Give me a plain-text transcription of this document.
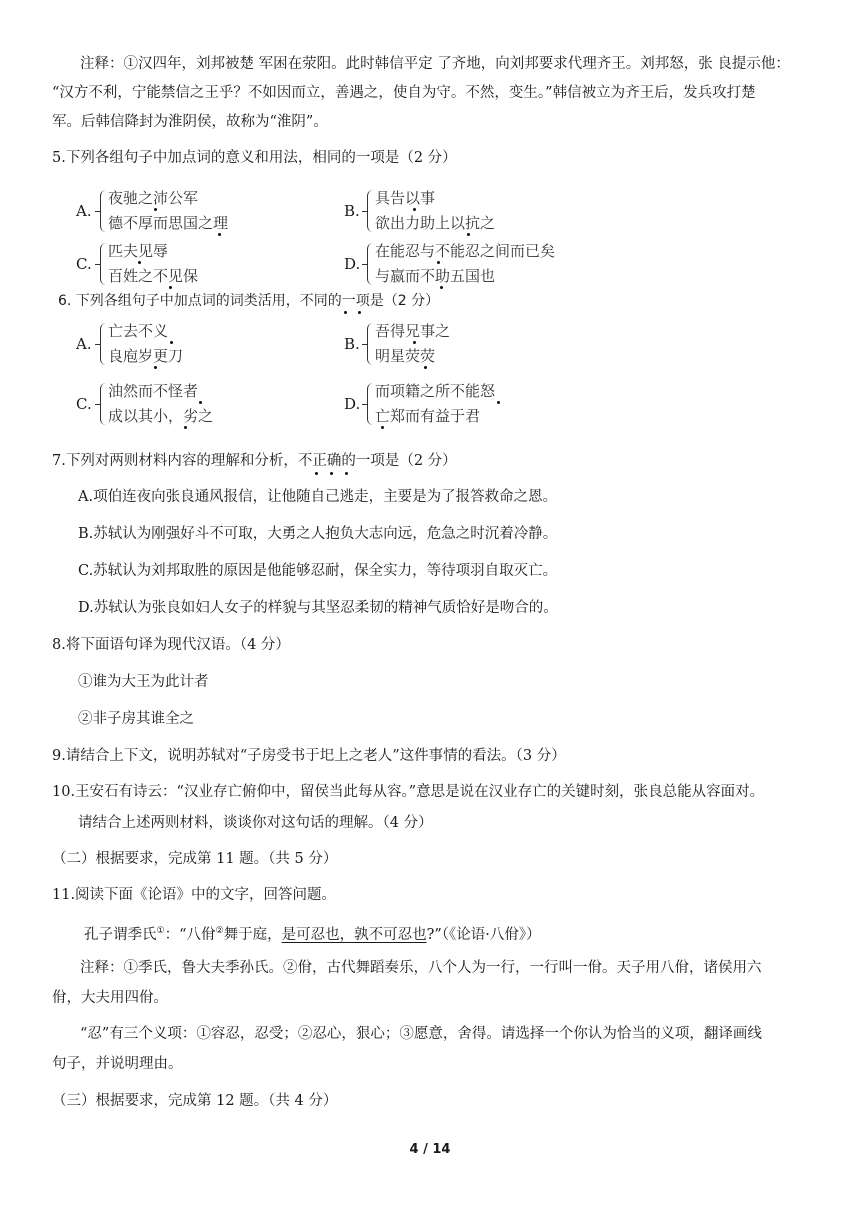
注释：①汉四年，刘邦被楚 军困在荥阳。此时韩信平定 了齐地，向刘邦要求代理齐王。刘邦怒，张 良提示他：
“汉方不利，宁能禁信之王乎？不如因而立，善遇之，使自为守。不然，变生。”韩信被立为齐王后，发兵攻打楚
军。后韩信降封为淮阴侯，故称为“淮阴”。
5.下列各组句子中加点词的意义和用法，相同的一项是（2 分）
A.
夜驰之沛公军
德不厚而思国之理
B.
具告以事
欲出力助上以抗之
C.
匹夫见辱
百姓之不见保
D.
在能忍与不能忍之间而已矣
与嬴而不助五国也
6. 下列各组句子中加点词的词类活用，不同的一项是（2 分）
A.
亡去不义
良庖岁更刀
B.
吾得兄事之
明星荧荧
C.
油然而不怪者
成以其小，劣之
D.
而项籍之所不能怒
亡郑而有益于君
7.下列对两则材料内容的理解和分析，不正确的一项是（2 分）
A.项伯连夜向张良通风报信，让他随自己逃走，主要是为了报答救命之恩。
B.苏轼认为刚强好斗不可取，大勇之人抱负大志向远，危急之时沉着冷静。
C.苏轼认为刘邦取胜的原因是他能够忍耐，保全实力，等待项羽自取灭亡。
D.苏轼认为张良如妇人女子的样貌与其坚忍柔韧的精神气质恰好是吻合的。
8.将下面语句译为现代汉语。（4 分）
①谁为大王为此计者
②非子房其谁全之
9.请结合上下文，说明苏轼对“子房受书于圯上之老人”这件事情的看法。（3 分）
10.王安石有诗云：“汉业存亡俯仰中，留侯当此每从容。”意思是说在汉业存亡的关键时刻，张良总能从容面对。
请结合上述两则材料，谈谈你对这句话的理解。（4 分）
（二）根据要求，完成第 11 题。（共 5 分）
11.阅读下面《论语》中的文字，回答问题。
孔子谓季氏①：“八佾②舞于庭，是可忍也，孰不可忍也?”（《论语·八佾》）
注释：①季氏，鲁大夫季孙氏。②佾，古代舞蹈奏乐，八个人为一行，一行叫一佾。天子用八佾，诸侯用六
佾，大夫用四佾。
“忍”有三个义项：①容忍，忍受；②忍心，狠心；③愿意，舍得。请选择一个你认为恰当的义项，翻译画线
句子，并说明理由。
（三）根据要求，完成第 12 题。（共 4 分）
4 / 14
